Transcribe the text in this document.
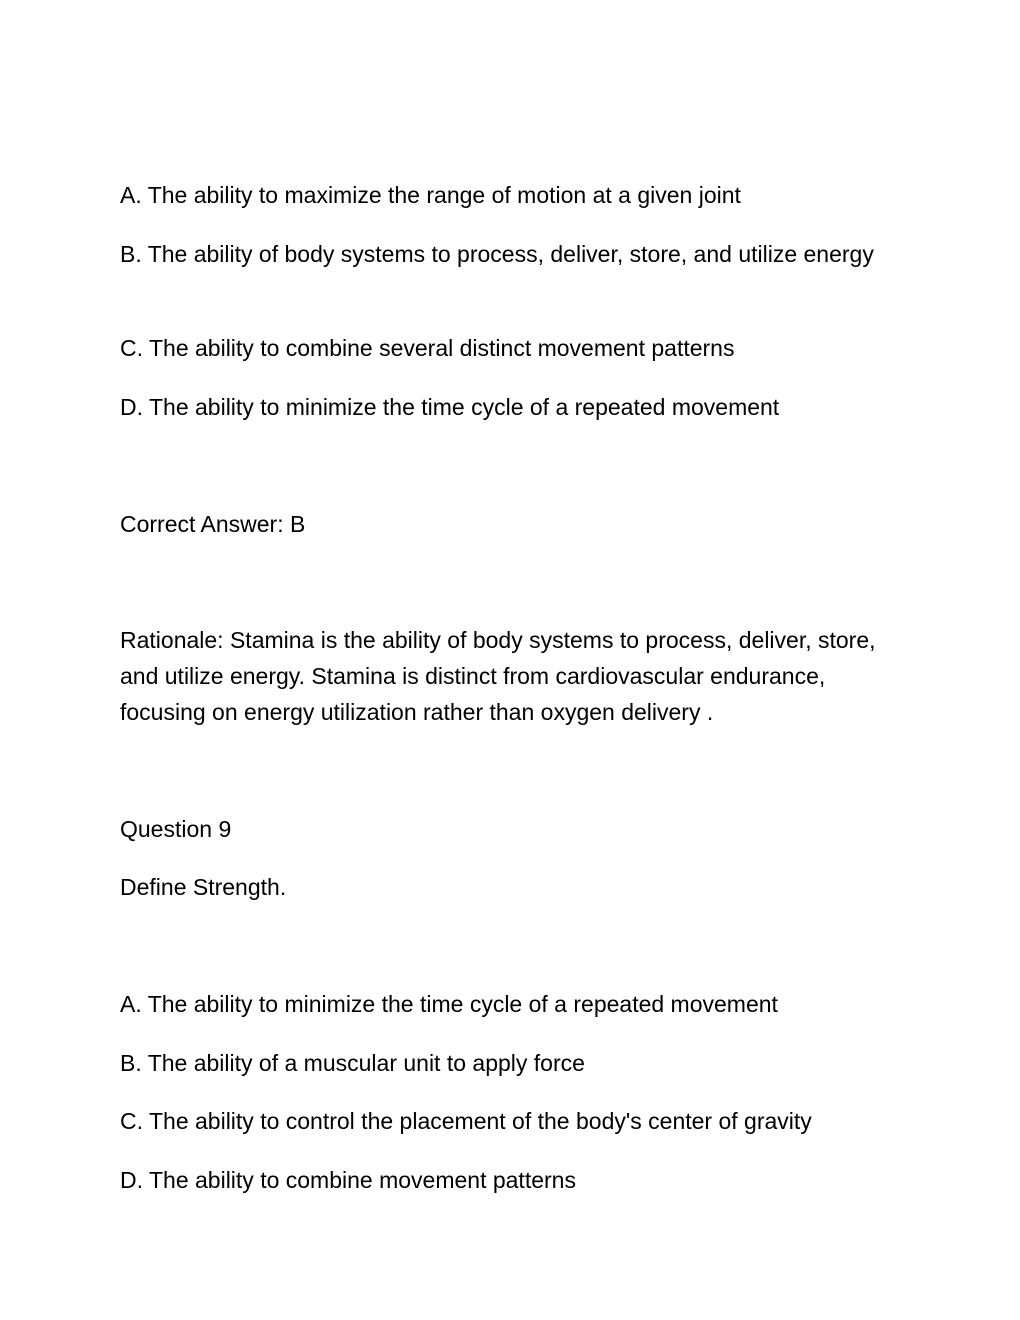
A. The ability to maximize the range of motion at a given joint
B. The ability of body systems to process, deliver, store, and utilize energy
C. The ability to combine several distinct movement patterns
D. The ability to minimize the time cycle of a repeated movement
Correct Answer: B
Rationale: Stamina is the ability of body systems to process, deliver, store, and utilize energy. Stamina is distinct from cardiovascular endurance, focusing on energy utilization rather than oxygen delivery .
Question 9
Define Strength.
A. The ability to minimize the time cycle of a repeated movement
B. The ability of a muscular unit to apply force
C. The ability to control the placement of the body's center of gravity
D. The ability to combine movement patterns
